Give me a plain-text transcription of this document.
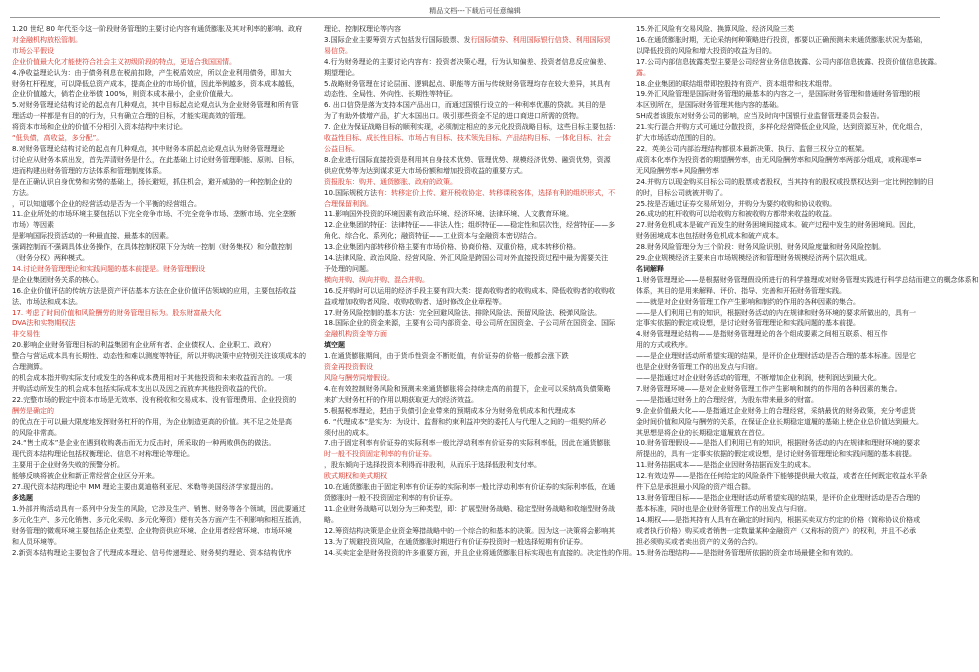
精品文档---下载后可任意编辑
1.20 世纪 80 年代至今这一阶段财务管理的主要讨论内容有通货膨胀及其对利率的影响、政府
对金融机构放松管制。
市场公平假设
企业价值最大化才能使符合社会主义初级阶段的特点，更适合我国国情。
4.净收益理论认为：由于债务利息在税前扣除，产生税盾效应，所以企业利用债务，即加大
财务杠杆程度，可以降低总资产成本，提高企业的市场价值，因此举例越多，资本成本越低，
企业价值越大，倘若企业举债 100%，则资本成本最小，企业价值最大。
5.对财务管理论结构讨论的起点有几种观点，其中目标起点论观点认为企业财务管理和所有管
理活动一样都是有目的的行为，只有确立合理的目标，才能实现高效的管理。
将资本市场和企业的价值不分相引入资本结构中来讨论。
“低负债，高收益，多分配”。
8.对财务管理论结构讨论的起点有几种观点，其中财务本质起点论观点认为财务管理理论
讨论应从财务本质出发，首先弄清财务是什么，在此基础上讨论财务管理职能、原则、目标，
进而构建出财务管理的方法体系和管理制度体系。
是在正确认识自身优势和劣势的基础上，扬长避短，抓住机会，避开威胁的一种控制企业的
方法。
，可以知道哪个企业的经营活动是否为一个平衡的经营组合。
11.企业所处的市场环境主要包括以下完全竞争市场、不完全竞争市场、垄断市场、完全垄断
市场）等因素
是影响国际投资活动的一种最直接、最基本的因素。
强调控制而不强调具体业务操作，在具体控制权限下分为统一控制（财务集权）和分散控制
（财务分权）两种模式。
14.讨论财务管理理论和实践问题的基本前提是。财务管理假设
是企业集团财务关系的核心。
16.企业价值评估的传统方法是资产评估基本方法在企业价值评估领域的应用，主要包括收益
法、市场法和成本法。
17. 考虑了时间价值和风险酬劳的财务管理目标为。股东财富最大化
DVA法和实物期权法
非交易性
20.影响企业财务管理目标的利益集团有企业所有者、企业债权人、企业职工、政府）
整合与营运成本具有长期性、动态性和难以测度等特征，所以并购决策中应特别关注该项成本的
合理测算。
的机会成本指并购实际支付或发生的各种成本费用相对于其他投资和未来收益而言的。一项
并购活动所发生的机会成本包括实际成本支出以及因之而放弃其他投资收益的代价。
22.完整市场的假定中资本市场是无效率、没有税收和交易成本、没有管理费用、企业投资的
酬劳是确定的
的优点在于可以最大限度地发挥财务杠杆的作用，为企业制造更高的价值。其不足之处是高
的风险非常高。
24.“售土成本”是企业在遇到收购袭击而无力反击时，所采取的一种两败俱伤的做法。
现代资本结构理论包括权衡理论、信息不对称理论等理论。
主要用于企业财务失败的预警分析。
能够反映将被企业和新正常经营企业区分开来。
27.现代资本结构理论中 MM 理论主要由莫迪格利亚尼、米勒等美国经济学家提出的。
多选题
1.外部并购活动具有一系列中分发生的风险，它涉及生产、销售、财务等各个领域，因此要通过
多元化生产、多元化销售、多元化采购、多元化筹资）便有关各方面产生不利影响和相互抵消，
财务管理的微观环境主要包括企业类型、企业物资供应环境、企业用者经营环境、市场环境
和人员环境等。
2.新资本结构理论主要包含了代理成本理论、信号传递理论、财务契约理论、资本结构优序
理论、控制权理论等内容
3.国际企业主要筹资方式包括发行国际股票、发行国际债券、利用国际银行信贷、利用国际贸
易信贷。
4.行为财务理论的主要讨论内容有：投资者决策心理，行为认知偏差、投资者信息反应偏差、
期望理论。
5.战略财务管理在讨论层面、逻辑起点、职能等方面与传统财务管理均存在较大差异，其具有
动态性、全局性、外向性、长期性等特征。
6. 出口信贷是落为支持本国产品出口，而通过国银行设立的一种利率优惠的贷款。其目的是
为了有助外债增产品，扩大本国出口。吸引那些资金不足的进口商进口所需的货物。
7. 企业为保证战略目标的顺利实现，必须制定相应的多元化投资战略目标，这些目标主要包括：
收益性目标、成长性目标、市场占有目标、技术领先目标、产品结构目标、一体化目标、社会
公益目标。
8.企业进行国际直接投资是利用其自身技术优势、管理优势、规模经济优势、融资优势，资源
供应优势等为达到谋求更大市场份额和增加投资收益的重要方式。
资报股东：购并、通货膨胀、政府的政策。
10.国际规税方法有：转移定价上传、避开税收协定、转移课税客体，选择有利的组织形式，不
合理保留利润。
11.影响国外投资的环境因素有政治环境、经济环境、法律环境、人文教育环境。
12.企业集团的特征：法律特征——非法人性；组织特征——稳定性和层次性，经营特征——多
角化、综合化、系列化；融资特征——工业资本与金融资本密切结合。
13.企业集团内部转移价格主要有市场价格、协商价格、双重价格，成本转移价格。
14.法律风险、政治风险、经营风险、外汇风险是跨国公司对外直接投资过程中最为需要关注
予处理的问题。
横向并购、纵向并购、混合并购。
16.反并购时可以运用的经济手段主要有四大类：提高收购者的收购成本、降低收购者的收购收
益或增加收购者风险、收购收购者、适时修改企业章程等。
17.财务风险控制的基本方法：完全回避风险法、排除风险法、预留风险法、税弹风险法。
18.国际企业的资金来源，主要有公司内部资金、母公司所在国资金、子公司所在国资金、国际
金融机构资金等方面
填空题
1.在通货膨胀期间，由于货币性资金不断贬值，有价证券的价格一般都会涨下跌
资金再投资假设
风险与酬劳同增假设。
4.在有效控制财务风险和预测未来通货膨胀将会持续走高的前提下，企业可以采纳高负债策略
来扩大财务杠杆的作用以期获取更大的经济效益。
5.根据税率理论，把由于负债引企业带来的预期成本分为财务危机成本和代理成本
6. “代理成本”是实为：为设计、监督和约束利益冲突的委托人与代理人之间的一组契约所必
须付出的成本。
7.由于固定利率有价证券的实际利率一般比浮动利率有价证券的实际利率低，因此在通货膨胀
时一般不投资固定利率的有价证券。
，股东倾向于选择投资本利得而非股利，从而乐于选择低股利支付率。
欧式期权和美式期权
10.在通货膨胀由于固定利率有价证券的实际利率一般比浮动利率有价证券的实际利率低，在通
货膨胀时一般不投资固定利率的有价证券。
11.企业财务战略可以划分为三种类型，即：扩展型财务战略、稳定型财务战略和收缩型财务战
略。
12.筹资结构决策是企业资金筹措战略中的一个综合的和基本的决策。因为这一决策将会影响其
13.为了规避投资风险，在通货膨胀时期进行有价证券投资时一般选择短期有价证券。
14.买卖定金是财务投资的许多重要方面，并且企业将通货膨胀目标实现也有直接的。决定性的作用。
15.外汇风险有交易风险、换算风险、经济风险三类
16.在通货膨胀时期，无论采纳何种策略进行投资，都要以正确预测未来通货膨胀状况为基础，
以降低投资的风险和增大投资的收益为目的。
17.公司内部信息披露类型主要是公司经营业务信息披露、公司内部信息披露、投资价值信息披露。
露。
18.企业集团的联结组带即控股持有资产、资本组带和技术组带。
19.外汇风险管理是国际财务管理的最基本的内容之一，是国际财务管理和普通财务管理的根
本区别所在，是国际财务管理其他内容的基础。
SH成者该股东对财务公司的影响，应当及时向中国银行业监督管理委员会报告。
21.实行混合并购方式可通过分散投资，多样化经营降低企业风险，达到资源互补，优化组合，
扩大市场活动范围的目的。
22．英美公司内部治理结构都很本最新决策、执行、监督三权分立的框架。
成资本化率作为投资者的期望酬劳率，由无风险酬劳率和风险酬劳率两部分组成，或称现率=
无风险酬劳率+风险酬劳率
24.并购方以现金购买目标公司的股票或者股权，当其持有的股权或投票权达到一定比例控制的目
的时，目标公司就被并购了。
25.按是否通过证券交易所划分，并购分为要约收购和协议收购。
26.成功的杠杆收购可以给收购方和被收购方都带来收益的收益。
27.财务危机成本是破产而发生的财务困境间接成本。破产过程中发生的财务困境间。因此，
财务困境成本也包括财务危机成本和破产成本。
28.财务风险管理分为三个阶段：财务风险识别、财务风险度量和财务风险控制。
29.企业规模经济主要来自市场规模经济和管理财务规模经济两个层次组成。
名词解释
1.财务管理理论——是根据财务管理假设所进行的科学推理或对财务管理实践进行科学总结而建立的概念体系和
体系，其目的是用来解释、评价、指导、完善和开拓财务管理实践。
——就是对企业财务管理工作产生影响和制约的作用的各种因素的集合。
——是人们利用已有的知识，根据财务活动的内在规律和财务环境的要求所做出的，具有一
定事实依据的假定或设想，是讨论财务管理理论和实践问题的基本前提。
4.财务管理理论结构——是指财务管理理论的各个组成要素之间相互联系、相互作
用的方式或秩序。
——是企业理财活动所希望实现的结果，是评价企业理财活动是否合理的基本标准。因是它
也是企业财务管理工作的出发点与归宿。
——是指通过对企业财务活动的管理，不断增加企业利润，使利润达到最大化。
7.财务管理环境——是对企业财务管理工作产生影响和制约的作用的各种因素的集合。
——是指通过财务上的合理经营，为股东带来最多的财富。
9.企业价值最大化——是指通过企业财务上的合理经营，采纳最优的财务政策，充分考虑货
金时间价值和风险与酬劳的关系，在保证企业长期稳定道履的基础上使企业总价值达到最大。
其思想是将企业的长期稳定道履放在首位。
10.财务管理假设——是指人们利用已有的知识，根据财务活动的内在规律和理财环境的要求
所提出的，具有一定事实依据的假定或设想，是讨论财务管理理论和实践问题的基本前提。
11.财务拮据成本——是指企业因财务拮据而发生的成本。
12.有效边界——是指在任何给定的风险条件下能够提供最大收益，或者在任何既定收益水平条
件下总是承担最小风险的资产组合群。
13.财务管理目标——是指企业理财活动所希望实现的结果，是评价企业理财活动是否合理的
基本标准，同时也是企业财务管理工作的出发点与归宿。
14.期权——是指其持有人具有在确定的时间内，根据买卖双方约定的价格（简称协议价格或
或者执行价格）购买或者销售一定数量某种金融资产（又称标的资产）的权利，并且不必承
担必须购买或者卖出资产的义务的合约。
15.财务治理结构——是指财务管理所依据的资金市场最健全和有效的。
